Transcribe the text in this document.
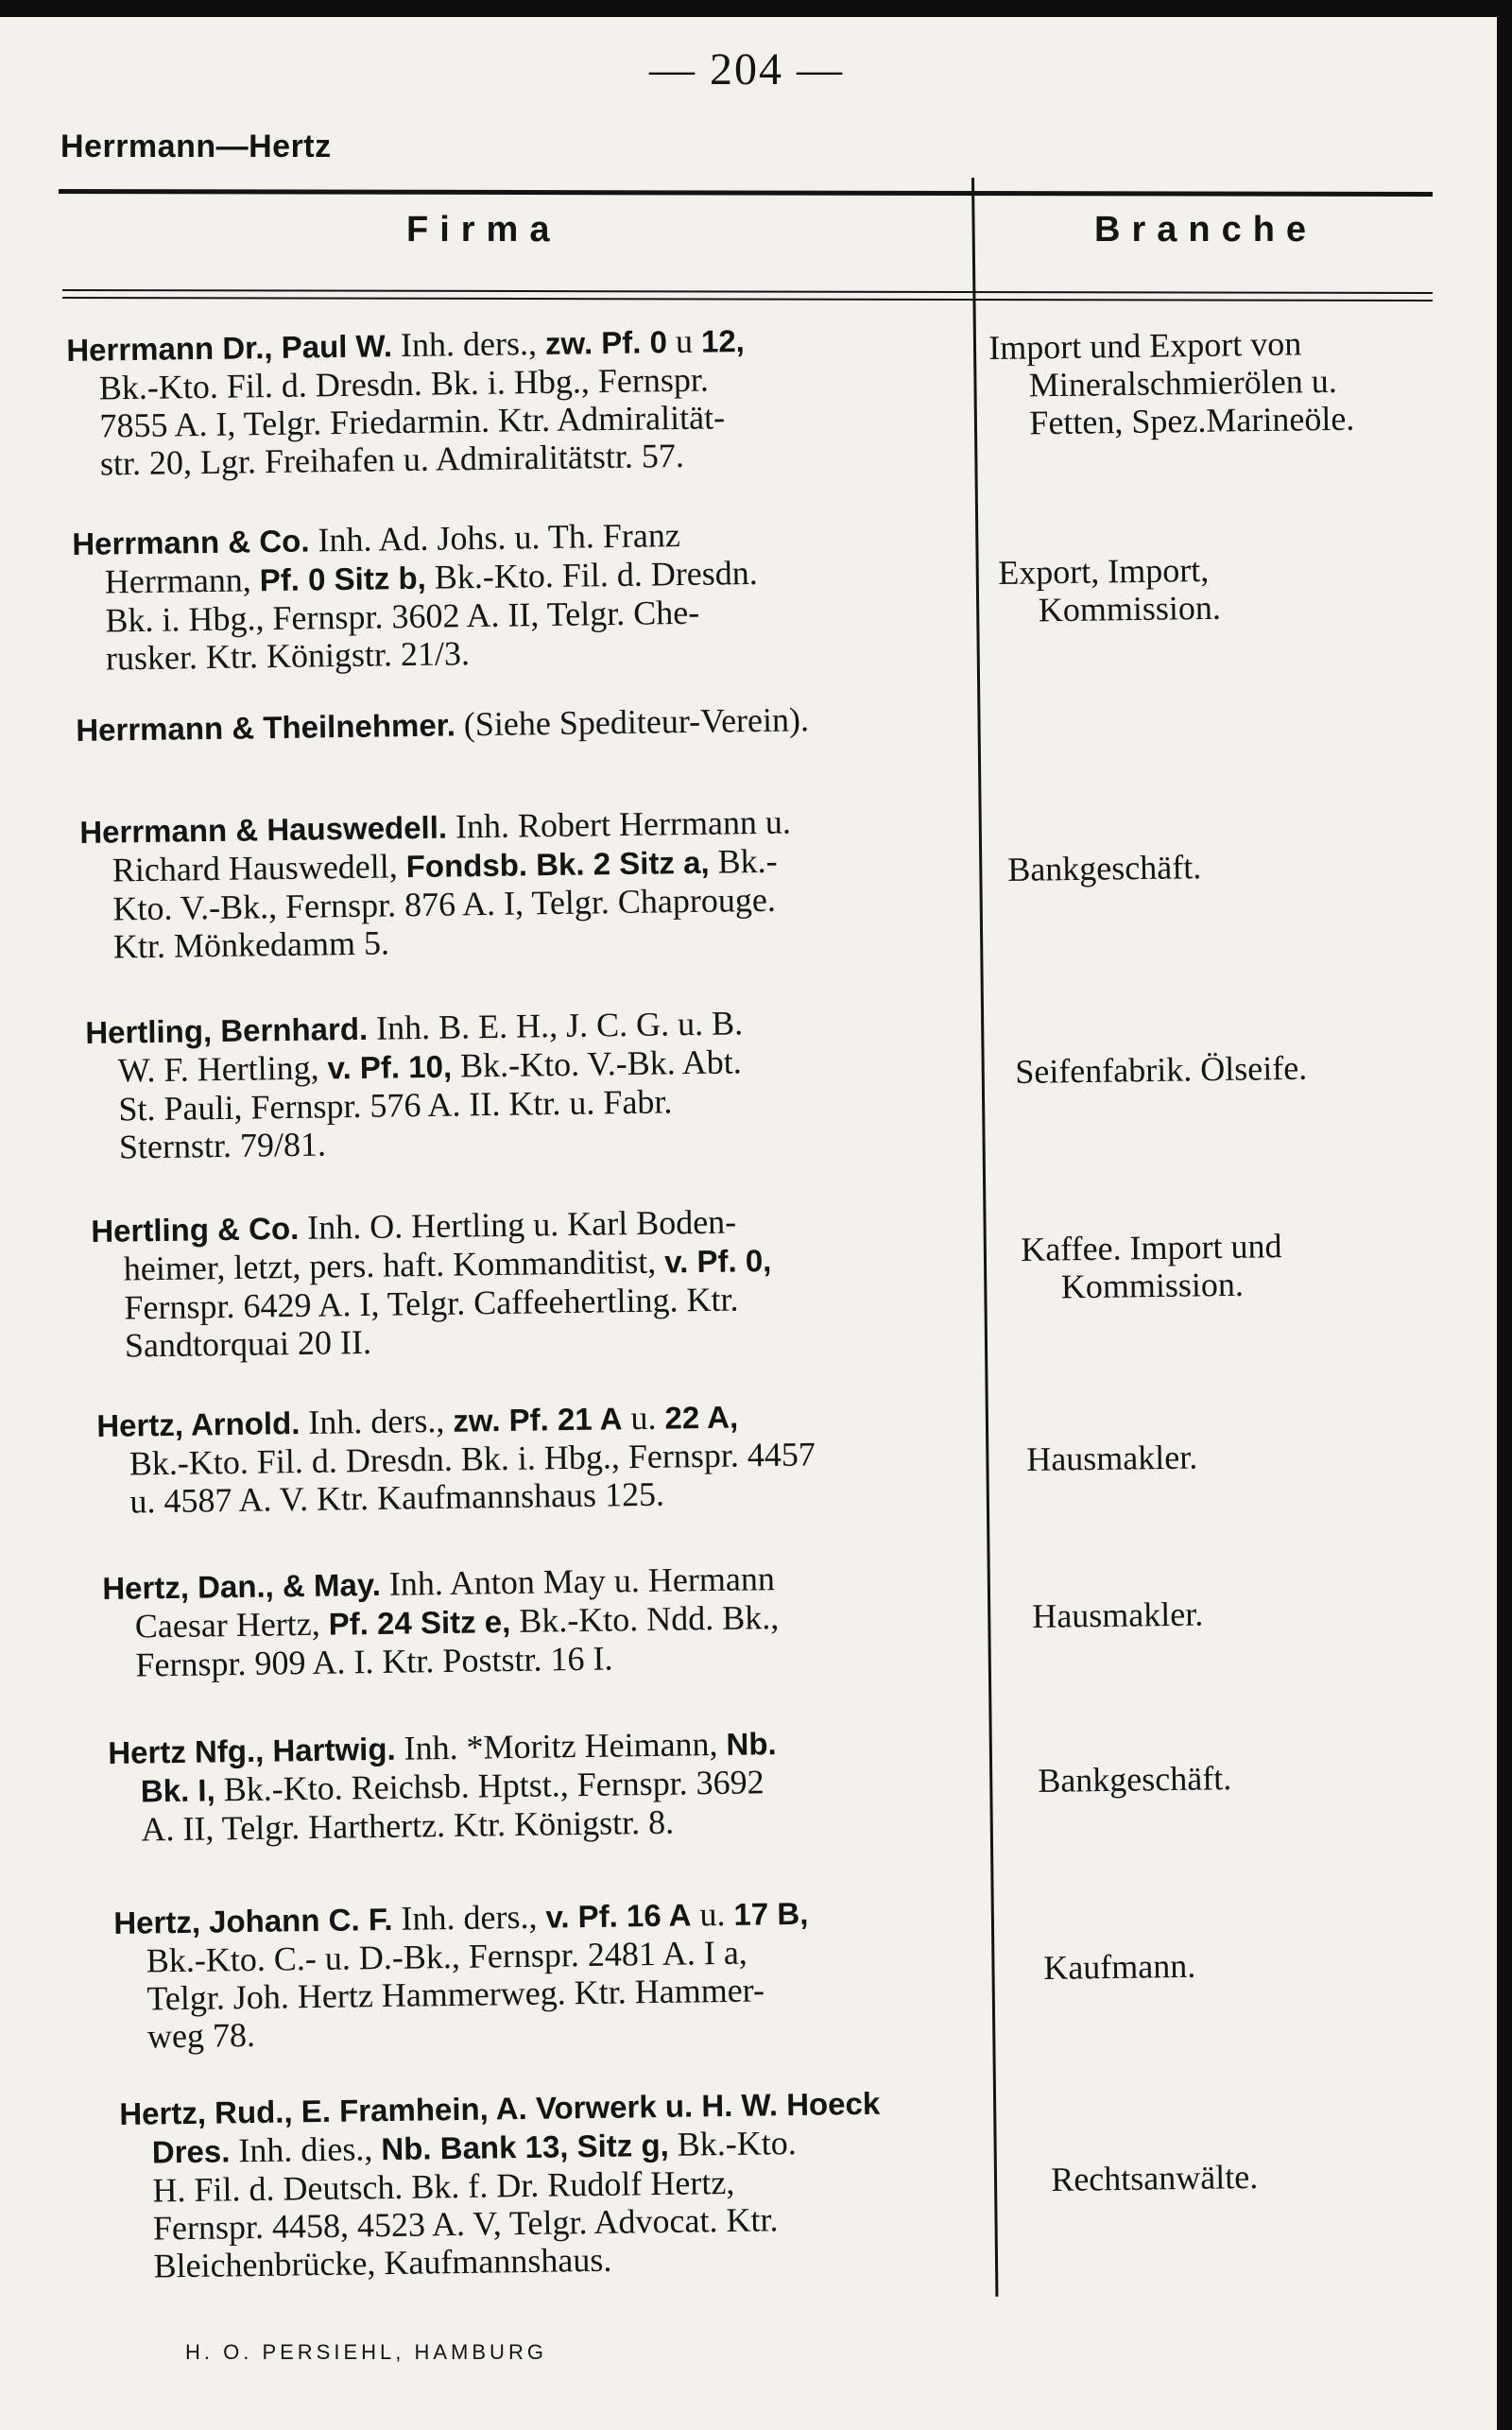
— 204 —
Herrmann—Hertz
Firma	Branche
Herrmann Dr., Paul W. Inh. ders., zw. Pf. 0 u 12,
Bk.-Kto. Fil. d. Dresdn. Bk. i. Hbg., Fernspr.
7855 A. I, Telgr. Friedarmin. Ktr. Admiralität-
str. 20, Lgr. Freihafen u. Admiralitätstr. 57.
Import und Export von
Mineralschmierölen u.
Fetten, Spez.Marineöle.
Herrmann & Co. Inh. Ad. Johs. u. Th. Franz
Herrmann, Pf. 0 Sitz b, Bk.-Kto. Fil. d. Dresdn.
Bk. i. Hbg., Fernspr. 3602 A. II, Telgr. Che-
rusker. Ktr. Königstr. 21/3.
Export, Import,
Kommission.
Herrmann & Theilnehmer. (Siehe Spediteur-Verein).
Herrmann & Hauswedell. Inh. Robert Herrmann u.
Richard Hauswedell, Fondsb. Bk. 2 Sitz a, Bk.-
Kto. V.-Bk., Fernspr. 876 A. I, Telgr. Chaprouge.
Ktr. Mönkedamm 5.
Bankgeschäft.
Hertling, Bernhard. Inh. B. E. H., J. C. G. u. B.
W. F. Hertling, v. Pf. 10, Bk.-Kto. V.-Bk. Abt.
St. Pauli, Fernspr. 576 A. II. Ktr. u. Fabr.
Sternstr. 79/81.
Seifenfabrik. Ölseife.
Hertling & Co. Inh. O. Hertling u. Karl Boden-
heimer, letzt, pers. haft. Kommanditist, v. Pf. 0,
Fernspr. 6429 A. I, Telgr. Caffeehertling. Ktr.
Sandtorquai 20 II.
Kaffee. Import und
Kommission.
Hertz, Arnold. Inh. ders., zw. Pf. 21 A u. 22 A,
Bk.-Kto. Fil. d. Dresdn. Bk. i. Hbg., Fernspr. 4457
u. 4587 A. V. Ktr. Kaufmannshaus 125.
Hausmakler.
Hertz, Dan., & May. Inh. Anton May u. Hermann
Caesar Hertz, Pf. 24 Sitz e, Bk.-Kto. Ndd. Bk.,
Fernspr. 909 A. I. Ktr. Poststr. 16 I.
Hausmakler.
Hertz Nfg., Hartwig. Inh. *Moritz Heimann, Nb.
Bk. I, Bk.-Kto. Reichsb. Hptst., Fernspr. 3692
A. II, Telgr. Harthertz. Ktr. Königstr. 8.
Bankgeschäft.
Hertz, Johann C. F. Inh. ders., v. Pf. 16 A u. 17 B,
Bk.-Kto. C.- u. D.-Bk., Fernspr. 2481 A. I a,
Telgr. Joh. Hertz Hammerweg. Ktr. Hammer-
weg 78.
Kaufmann.
Hertz, Rud., E. Framhein, A. Vorwerk u. H. W. Hoeck
Dres. Inh. dies., Nb. Bank 13, Sitz g, Bk.-Kto.
H. Fil. d. Deutsch. Bk. f. Dr. Rudolf Hertz,
Fernspr. 4458, 4523 A. V, Telgr. Advocat. Ktr.
Bleichenbrücke, Kaufmannshaus.
Rechtsanwälte.
H. O. PERSIEHL, HAMBURG
